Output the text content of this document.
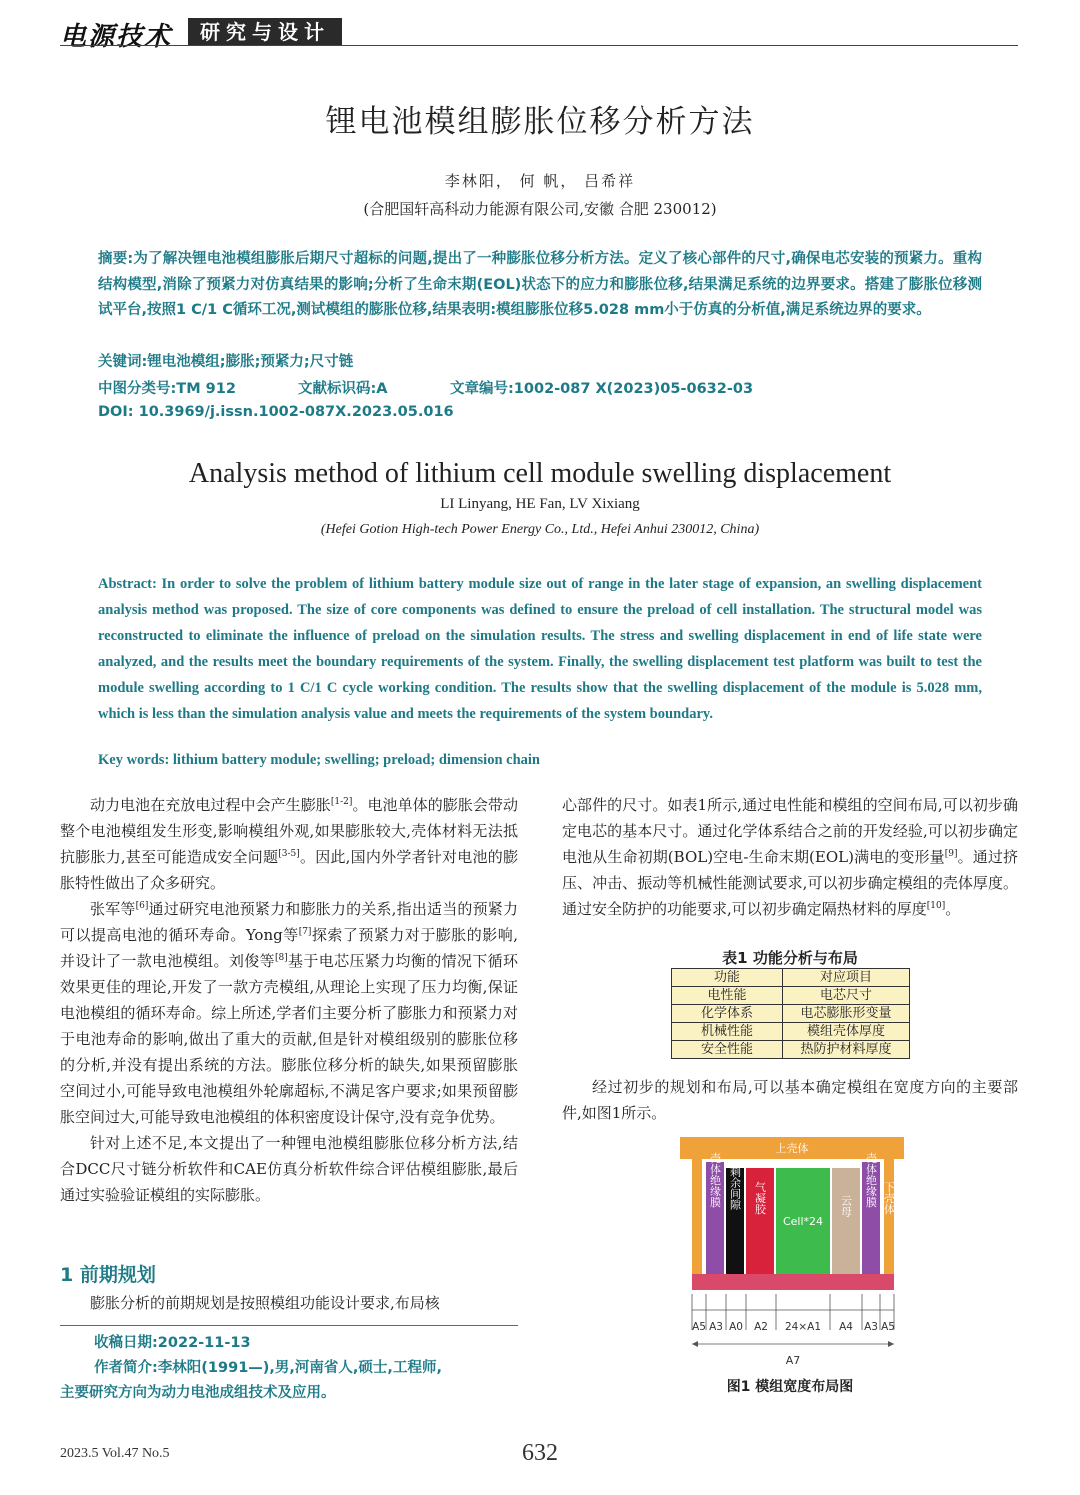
电源技术	研究与设计
锂电池模组膨胀位移分析方法
李林阳， 何 帆， 吕希祥
(合肥国轩高科动力能源有限公司,安徽 合肥 230012)
摘要:为了解决锂电池模组膨胀后期尺寸超标的问题,提出了一种膨胀位移分析方法。定义了核心部件的尺寸,确保电芯安装的预紧力。重构结构模型,消除了预紧力对仿真结果的影响;分析了生命末期(EOL)状态下的应力和膨胀位移,结果满足系统的边界要求。搭建了膨胀位移测试平台,按照1 C/1 C循环工况,测试模组的膨胀位移,结果表明:模组膨胀位移5.028 mm小于仿真的分析值,满足系统边界的要求。
关键词:锂电池模组;膨胀;预紧力;尺寸链
中图分类号:TM 912	文献标识码:A	文章编号:1002-087 X(2023)05-0632-03
DOI: 10.3969/j.issn.1002-087X.2023.05.016
Analysis method of lithium cell module swelling displacement
LI Linyang, HE Fan, LV Xixiang
(Hefei Gotion High-tech Power Energy Co., Ltd., Hefei Anhui 230012, China)
Abstract: In order to solve the problem of lithium battery module size out of range in the later stage of expansion, an swelling displacement analysis method was proposed. The size of core components was defined to ensure the preload of cell installation. The structural model was reconstructed to eliminate the influence of preload on the simulation results. The stress and swelling displacement in end of life state were analyzed, and the results meet the boundary requirements of the system. Finally, the swelling displacement test platform was built to test the module swelling according to 1 C/1 C cycle working condition. The results show that the swelling displacement of the module is 5.028 mm, which is less than the simulation analysis value and meets the requirements of the system boundary.
Key words: lithium battery module; swelling; preload; dimension chain

动力电池在充放电过程中会产生膨胀[1-2]。电池单体的膨胀会带动整个电池模组发生形变,影响模组外观,如果膨胀较大,壳体材料无法抵抗膨胀力,甚至可能造成安全问题[3-5]。因此,国内外学者针对电池的膨胀特性做出了众多研究。

张军等[6]通过研究电池预紧力和膨胀力的关系,指出适当的预紧力可以提高电池的循环寿命。Yong等[7]探索了预紧力对于膨胀的影响,并设计了一款电池模组。刘俊等[8]基于电芯压紧力均衡的情况下循环效果更佳的理论,开发了一款方壳模组,从理论上实现了压力均衡,保证电池模组的循环寿命。综上所述,学者们主要分析了膨胀力和预紧力对于电池寿命的影响,做出了重大的贡献,但是针对模组级别的膨胀位移的分析,并没有提出系统的方法。膨胀位移分析的缺失,如果预留膨胀空间过小,可能导致电池模组外轮廓超标,不满足客户要求;如果预留膨胀空间过大,可能导致电池模组的体积密度设计保守,没有竞争优势。

针对上述不足,本文提出了一种锂电池模组膨胀位移分析方法,结合DCC尺寸链分析软件和CAE仿真分析软件综合评估模组膨胀,最后通过实验验证模组的实际膨胀。

1 前期规划

膨胀分析的前期规划是按照模组功能设计要求,布局核

收稿日期:2022-11-13
作者简介:李林阳(1991—),男,河南省人,硕士,工程师,
主要研究方向为动力电池成组技术及应用。

心部件的尺寸。如表1所示,通过电性能和模组的空间布局,可以初步确定电芯的基本尺寸。通过化学体系结合之前的开发经验,可以初步确定电池从生命初期(BOL)空电-生命末期(EOL)满电的变形量[9]。通过挤压、冲击、振动等机械性能测试要求,可以初步确定模组的壳体厚度。通过安全防护的功能要求,可以初步确定隔热材料的厚度[10]。

经过初步的规划和布局,可以基本确定模组在宽度方向的主要部件,如图1所示。

表1 功能分析与布局
功能	对应项目
电性能	电芯尺寸
化学体系	电芯膨胀形变量
机械性能	模组壳体厚度
安全性能	热防护材料厚度
上壳体
壳体绝缘膜 剩余间隙 气凝胶
Cell*24
云母 壳体绝缘膜 下壳体
A5 A3 A0 A2 24×A1 A4 A3 A5
A7
图1 模组宽度布局图
2023.5 Vol.47 No.5	632
